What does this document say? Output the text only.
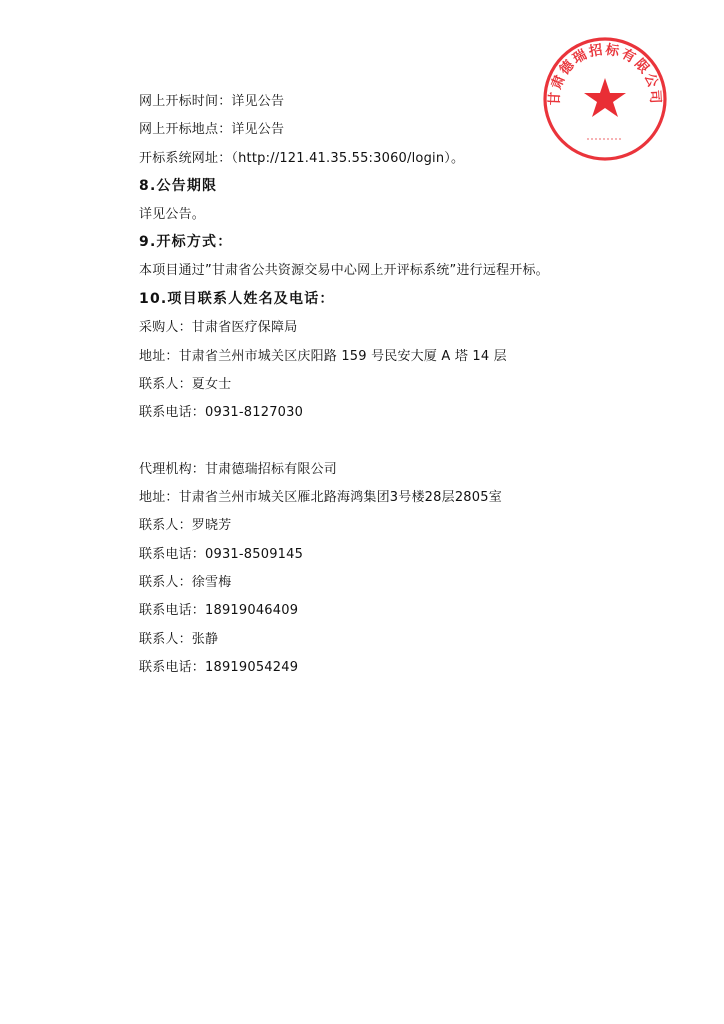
网上开标时间：详见公告
网上开标地点：详见公告
开标系统网址：（http://121.41.35.55:3060/login）。
8.公告期限
详见公告。
9.开标方式：
本项目通过”甘肃省公共资源交易中心网上开评标系统”进行远程开标。
10.项目联系人姓名及电话：
采购人：甘肃省医疗保障局
地址：甘肃省兰州市城关区庆阳路 159 号民安大厦 A 塔 14 层
联系人：夏女士
联系电话：0931-8127030
代理机构：甘肃德瑞招标有限公司
地址：甘肃省兰州市城关区雁北路海鸿集团3号楼28层2805室
联系人：罗晓芳
联系电话：0931-8509145
联系人：徐雪梅
联系电话：18919046409
联系人：张静
联系电话：18919054249
甘肃德瑞招标有限公司
